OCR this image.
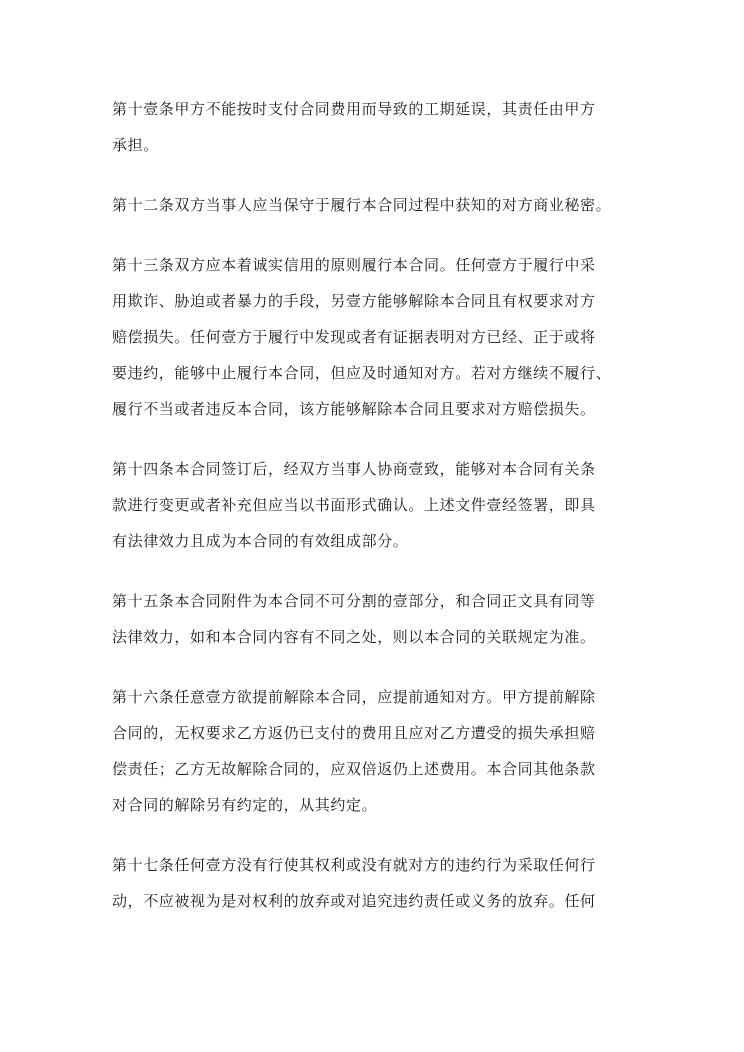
第十壹条甲方不能按时支付合同费用而导致的工期延误，其责任由甲方
承担。

第十二条双方当事人应当保守于履行本合同过程中获知的对方商业秘密。

第十三条双方应本着诚实信用的原则履行本合同。任何壹方于履行中采
用欺诈、胁迫或者暴力的手段，另壹方能够解除本合同且有权要求对方
赔偿损失。任何壹方于履行中发现或者有证据表明对方已经、正于或将
要违约，能够中止履行本合同，但应及时通知对方。若对方继续不履行、
履行不当或者违反本合同，该方能够解除本合同且要求对方赔偿损失。

第十四条本合同签订后，经双方当事人协商壹致，能够对本合同有关条
款进行变更或者补充但应当以书面形式确认。上述文件壹经签署，即具
有法律效力且成为本合同的有效组成部分。

第十五条本合同附件为本合同不可分割的壹部分，和合同正文具有同等
法律效力，如和本合同内容有不同之处，则以本合同的关联规定为准。

第十六条任意壹方欲提前解除本合同，应提前通知对方。甲方提前解除
合同的，无权要求乙方返仍已支付的费用且应对乙方遭受的损失承担赔
偿责任；乙方无故解除合同的，应双倍返仍上述费用。本合同其他条款
对合同的解除另有约定的，从其约定。

第十七条任何壹方没有行使其权利或没有就对方的违约行为采取任何行
动，不应被视为是对权利的放弃或对追究违约责任或义务的放弃。任何
